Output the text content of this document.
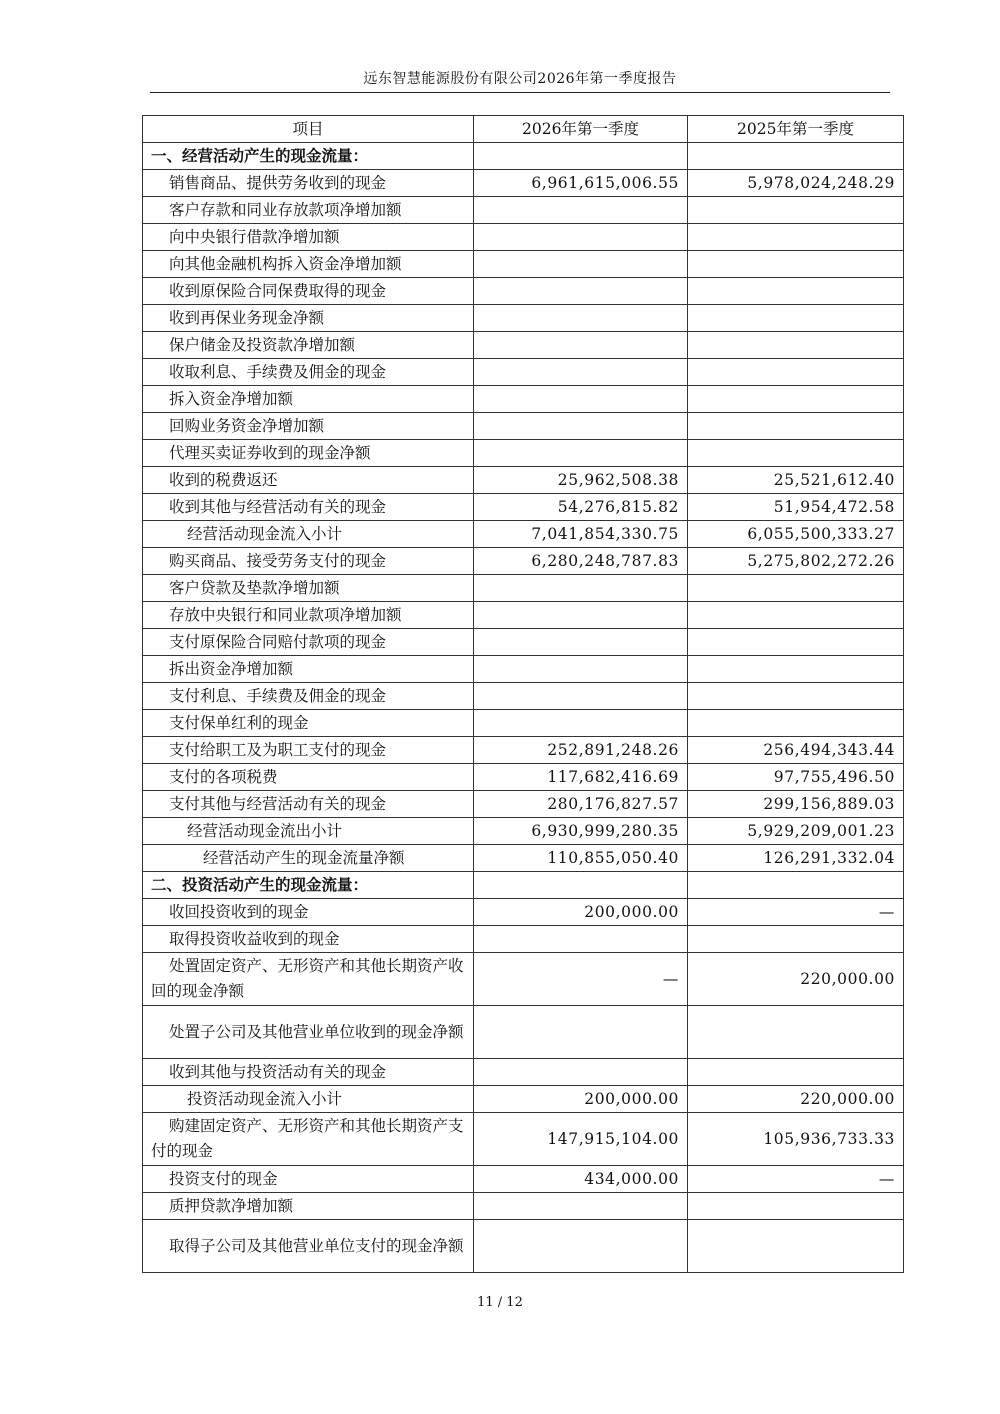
远东智慧能源股份有限公司2026年第一季度报告
项目	2026年第一季度	2025年第一季度
一、经营活动产生的现金流量：		
销售商品、提供劳务收到的现金	6,961,615,006.55	5,978,024,248.29
客户存款和同业存放款项净增加额		
向中央银行借款净增加额		
向其他金融机构拆入资金净增加额		
收到原保险合同保费取得的现金		
收到再保业务现金净额		
保户储金及投资款净增加额		
收取利息、手续费及佣金的现金		
拆入资金净增加额		
回购业务资金净增加额		
代理买卖证券收到的现金净额		
收到的税费返还	25,962,508.38	25,521,612.40
收到其他与经营活动有关的现金	54,276,815.82	51,954,472.58
经营活动现金流入小计	7,041,854,330.75	6,055,500,333.27
购买商品、接受劳务支付的现金	6,280,248,787.83	5,275,802,272.26
客户贷款及垫款净增加额		
存放中央银行和同业款项净增加额		
支付原保险合同赔付款项的现金		
拆出资金净增加额		
支付利息、手续费及佣金的现金		
支付保单红利的现金		
支付给职工及为职工支付的现金	252,891,248.26	256,494,343.44
支付的各项税费	117,682,416.69	97,755,496.50
支付其他与经营活动有关的现金	280,176,827.57	299,156,889.03
经营活动现金流出小计	6,930,999,280.35	5,929,209,001.23
经营活动产生的现金流量净额	110,855,050.40	126,291,332.04
二、投资活动产生的现金流量：		
收回投资收到的现金	200,000.00	—
取得投资收益收到的现金		
处置固定资产、无形资产和其他长期资产收回的现金净额	—	220,000.00
处置子公司及其他营业单位收到的现金净额		
收到其他与投资活动有关的现金		
投资活动现金流入小计	200,000.00	220,000.00
购建固定资产、无形资产和其他长期资产支付的现金	147,915,104.00	105,936,733.33
投资支付的现金	434,000.00	—
质押贷款净增加额		
取得子公司及其他营业单位支付的现金净额		
11 / 12
